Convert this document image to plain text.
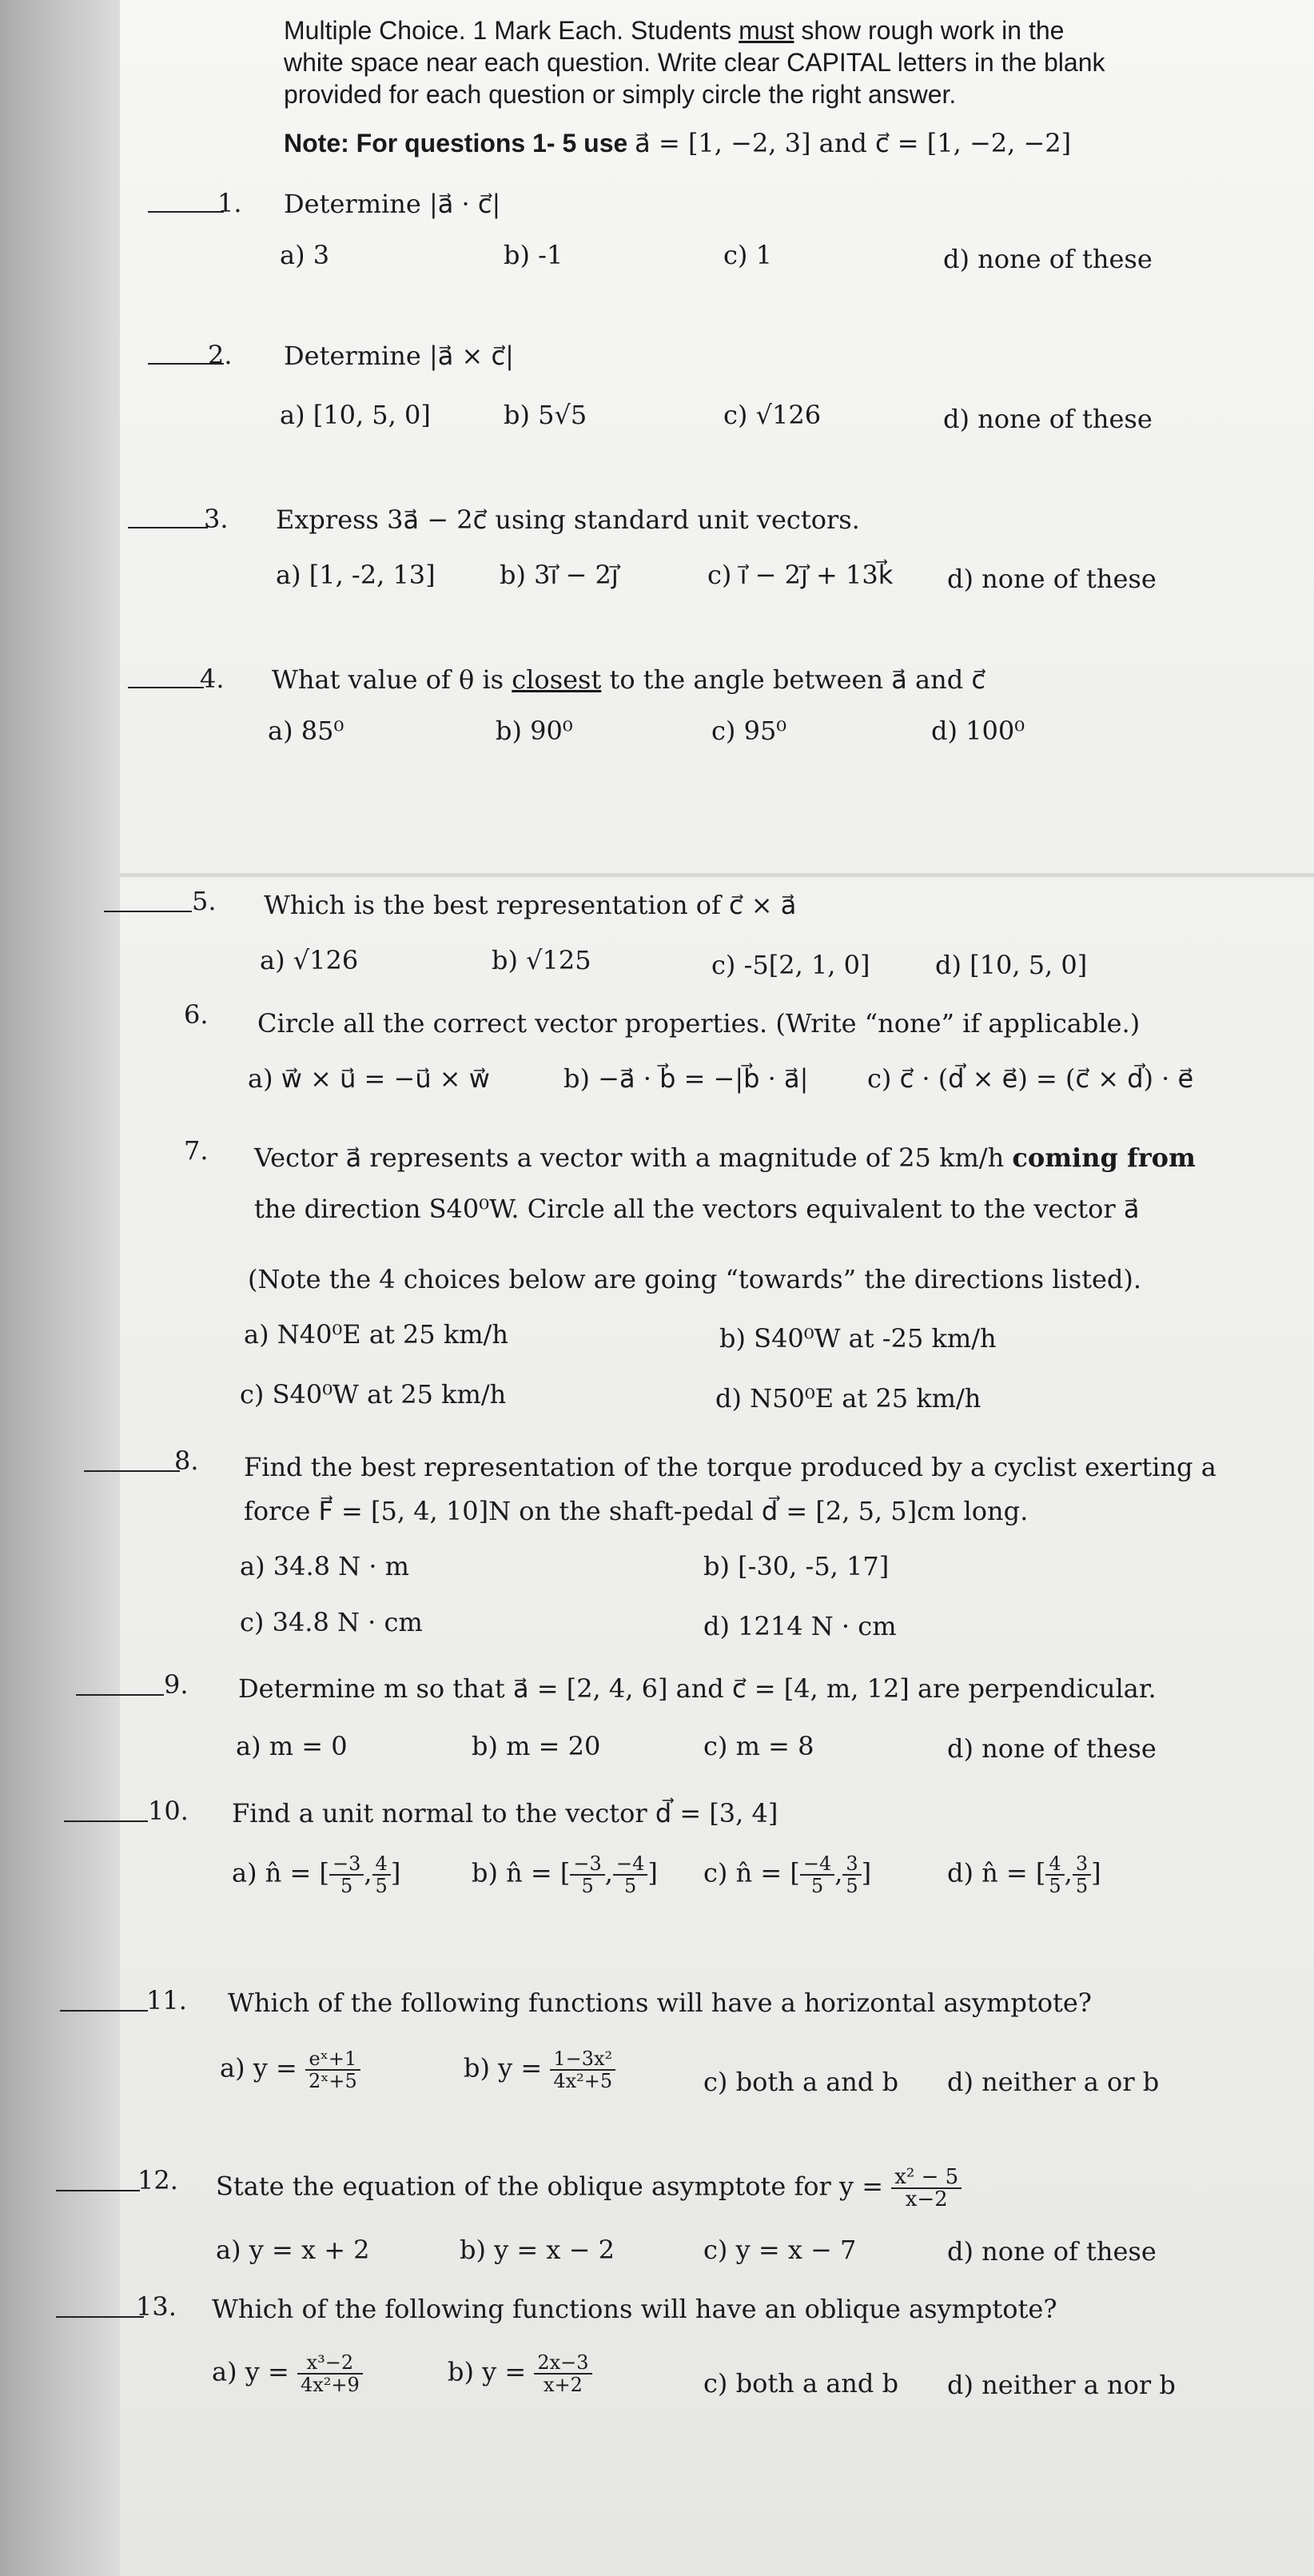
Multiple Choice. 1 Mark Each. Students must show rough work in the
white space near each question. Write clear CAPITAL letters in the blank
provided for each question or simply circle the right answer.
Note: For questions 1- 5 use a⃗ = [1, −2, 3] and c⃗ = [1, −2, −2]
1. Determine |a⃗ · c⃗|
a) 3	b) -1	c) 1	d) none of these
2. Determine |a⃗ × c⃗|
a) [10, 5, 0]	b) 5√5	c) √126	d) none of these
3. Express 3a⃗ − 2c⃗ using standard unit vectors.
a) [1, -2, 13]	b) 3i⃗ − 2j⃗	c) i⃗ − 2j⃗ + 13k⃗ d) none of these
4. What value of θ is closest to the angle between a⃗ and c⃗
a) 85⁰	b) 90⁰	c) 95⁰	d) 100⁰
5. Which is the best representation of c⃗ × a⃗
a) √126	b) √125	c) -5[2, 1, 0]	d) [10, 5, 0]
6. Circle all the correct vector properties. (Write “none” if applicable.)
a) w⃗ × u⃗ = −u⃗ × w⃗	b) −a⃗ · b⃗ = −|b⃗ · a⃗| c) c⃗ · (d⃗ × e⃗) = (c⃗ × d⃗) · e⃗
7. Vector a⃗ represents a vector with a magnitude of 25 km/h coming from
the direction S40⁰W. Circle all the vectors equivalent to the vector a⃗
(Note the 4 choices below are going “towards” the directions listed).
a) N40⁰E at 25 km/h	b) S40⁰W at -25 km/h
c) S40⁰W at 25 km/h	d) N50⁰E at 25 km/h
8. Find the best representation of the torque produced by a cyclist exerting a
force F⃗ = [5, 4, 10]N on the shaft-pedal d⃗ = [2, 5, 5]cm long.
a) 34.8 N · m	b) [-30, -5, 17]
c) 34.8 N · cm	d) 1214 N · cm
9. Determine m so that a⃗ = [2, 4, 6] and c⃗ = [4, m, 12] are perpendicular.
a) m = 0	b) m = 20	c) m = 8	d) none of these
10. Find a unit normal to the vector d⃗ = [3, 4]
a) n̂ = [ $\frac{-3}{5}$ , $\frac{4}{5}$ ]	b) n̂ = [ $\frac{-3}{5}$ , $\frac{-4}{5}$ ] c) n̂ = [ $\frac{-4}{5}$ , $\frac{3}{5}$ ]	d) n̂ = [ $\frac{4}{5}$ , $\frac{3}{5}$ ]
11. Which of the following functions will have a horizontal asymptote?
a) $y = \frac{\text{eˣ+1}}{\text{2ˣ+5}}$	b) $y = \frac{\text{1−3x²}}{\text{4x²+5}}$	c) both a and b d) neither a or b
12. State the equation of the oblique asymptote for $y = \frac{\text{x² − 5}}{x-2}$
a) y = x + 2	b) y = x − 2	c) y = x − 7	d) none of these
13. Which of the following functions will have an oblique asymptote?
a) $y = \frac{\text{x³−2}}{\text{4x²+9}}$	b) $y = \frac{2x-3}{x+2}$	c) both a and b d) neither a nor b
